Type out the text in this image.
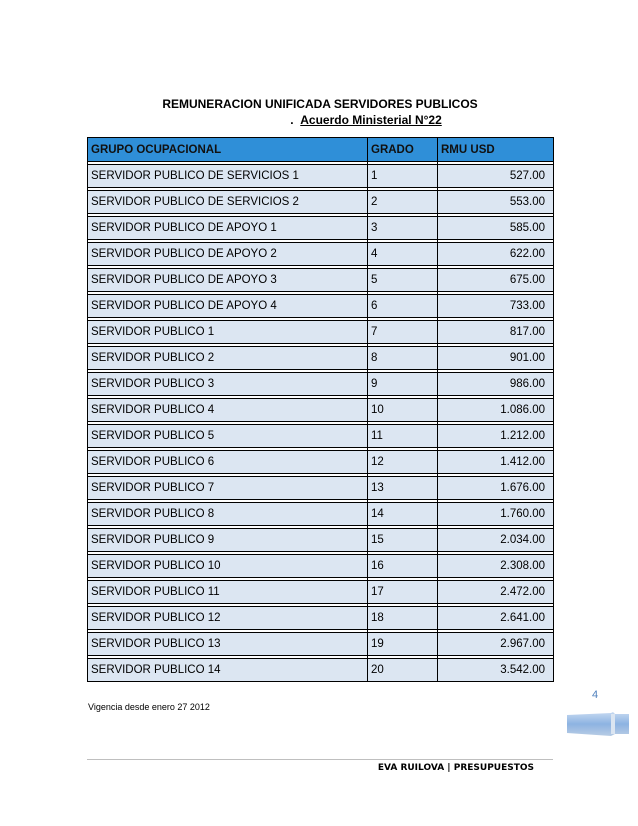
REMUNERACION UNIFICADA SERVIDORES PUBLICOS
. Acuerdo Ministerial N°22
GRUPO OCUPACIONAL	GRADO	RMU USD

SERVIDOR PUBLICO DE SERVICIOS 1	1	527.00

SERVIDOR PUBLICO DE SERVICIOS 2	2	553.00

SERVIDOR PUBLICO DE APOYO 1	3	585.00

SERVIDOR PUBLICO DE APOYO 2	4	622.00

SERVIDOR PUBLICO DE APOYO 3	5	675.00

SERVIDOR PUBLICO DE APOYO 4	6	733.00

SERVIDOR PUBLICO 1	7	817.00

SERVIDOR PUBLICO 2	8	901.00

SERVIDOR PUBLICO 3	9	986.00

SERVIDOR PUBLICO 4	10	1.086.00

SERVIDOR PUBLICO 5	11	1.212.00

SERVIDOR PUBLICO 6	12	1.412.00

SERVIDOR PUBLICO 7	13	1.676.00

SERVIDOR PUBLICO 8	14	1.760.00

SERVIDOR PUBLICO 9	15	2.034.00

SERVIDOR PUBLICO 10	16	2.308.00

SERVIDOR PUBLICO 11	17	2.472.00

SERVIDOR PUBLICO 12	18	2.641.00

SERVIDOR PUBLICO 13	19	2.967.00

SERVIDOR PUBLICO 14	20	3.542.00
Vigencia desde enero 27 2012
4
EVA RUILOVA | PRESUPUESTOS
